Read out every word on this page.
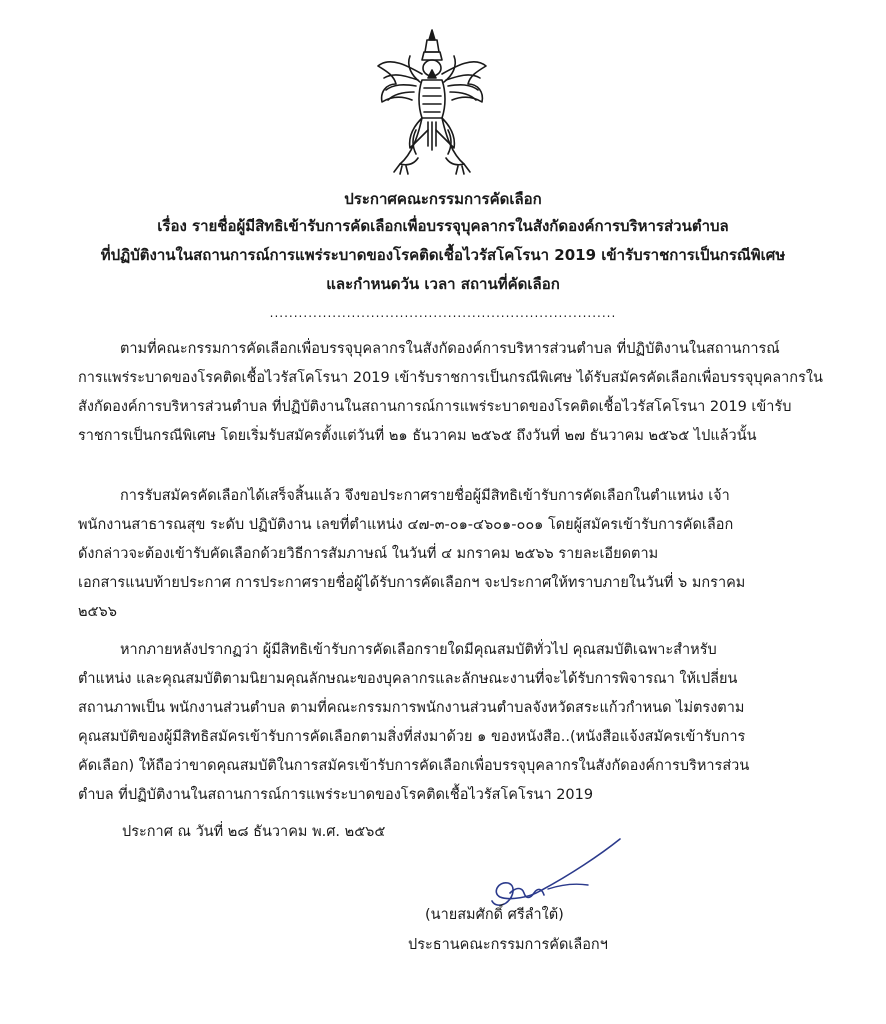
ประกาศคณะกรรมการคัดเลือก
เรื่อง รายชื่อผู้มีสิทธิเข้ารับการคัดเลือกเพื่อบรรจุบุคลากรในสังกัดองค์การบริหารส่วนตำบล
ที่ปฏิบัติงานในสถานการณ์การแพร่ระบาดของโรคติดเชื้อไวรัสโคโรนา 2019 เข้ารับราชการเป็นกรณีพิเศษ
และกำหนดวัน เวลา สถานที่คัดเลือก
........................................................................
ตามที่คณะกรรมการคัดเลือกเพื่อบรรจุบุคลากรในสังกัดองค์การบริหารส่วนตำบล ที่ปฏิบัติงานในสถานการณ์
การแพร่ระบาดของโรคติดเชื้อไวรัสโคโรนา 2019 เข้ารับราชการเป็นกรณีพิเศษ ได้รับสมัครคัดเลือกเพื่อบรรจุบุคลากรใน
สังกัดองค์การบริหารส่วนตำบล ที่ปฏิบัติงานในสถานการณ์การแพร่ระบาดของโรคติดเชื้อไวรัสโคโรนา 2019 เข้ารับ
ราชการเป็นกรณีพิเศษ โดยเริ่มรับสมัครตั้งแต่วันที่ ๒๑ ธันวาคม ๒๕๖๕ ถึงวันที่ ๒๗ ธันวาคม ๒๕๖๕ ไปแล้วนั้น
การรับสมัครคัดเลือกได้เสร็จสิ้นแล้ว จึงขอประกาศรายชื่อผู้มีสิทธิเข้ารับการคัดเลือกในตำแหน่ง เจ้า
พนักงานสาธารณสุข ระดับ ปฏิบัติงาน เลขที่ตำแหน่ง ๔๗-๓-๐๑-๔๖๐๑-๐๐๑ โดยผู้สมัครเข้ารับการคัดเลือก
ดังกล่าวจะต้องเข้ารับคัดเลือกด้วยวิธีการสัมภาษณ์ ในวันที่ ๔ มกราคม ๒๕๖๖ รายละเอียดตาม
เอกสารแนบท้ายประกาศ การประกาศรายชื่อผู้ได้รับการคัดเลือกฯ จะประกาศให้ทราบภายในวันที่ ๖ มกราคม
๒๕๖๖
หากภายหลังปรากฏว่า ผู้มีสิทธิเข้ารับการคัดเลือกรายใดมีคุณสมบัติทั่วไป คุณสมบัติเฉพาะสำหรับ
ตำแหน่ง และคุณสมบัติตามนิยามคุณลักษณะของบุคลากรและลักษณะงานที่จะได้รับการพิจารณา ให้เปลี่ยน
สถานภาพเป็น พนักงานส่วนตำบล ตามที่คณะกรรมการพนักงานส่วนตำบลจังหวัดสระแก้วกำหนด ไม่ตรงตาม
คุณสมบัติของผู้มีสิทธิสมัครเข้ารับการคัดเลือกตามสิ่งที่ส่งมาด้วย ๑ ของหนังสือ..(หนังสือแจ้งสมัครเข้ารับการ
คัดเลือก) ให้ถือว่าขาดคุณสมบัติในการสมัครเข้ารับการคัดเลือกเพื่อบรรจุบุคลากรในสังกัดองค์การบริหารส่วน
ตำบล ที่ปฏิบัติงานในสถานการณ์การแพร่ระบาดของโรคติดเชื้อไวรัสโคโรนา 2019
ประกาศ ณ วันที่ ๒๘ ธันวาคม พ.ศ. ๒๕๖๕
(นายสมศักดิ์ ศรีลำใต้)
ประธานคณะกรรมการคัดเลือกฯ
